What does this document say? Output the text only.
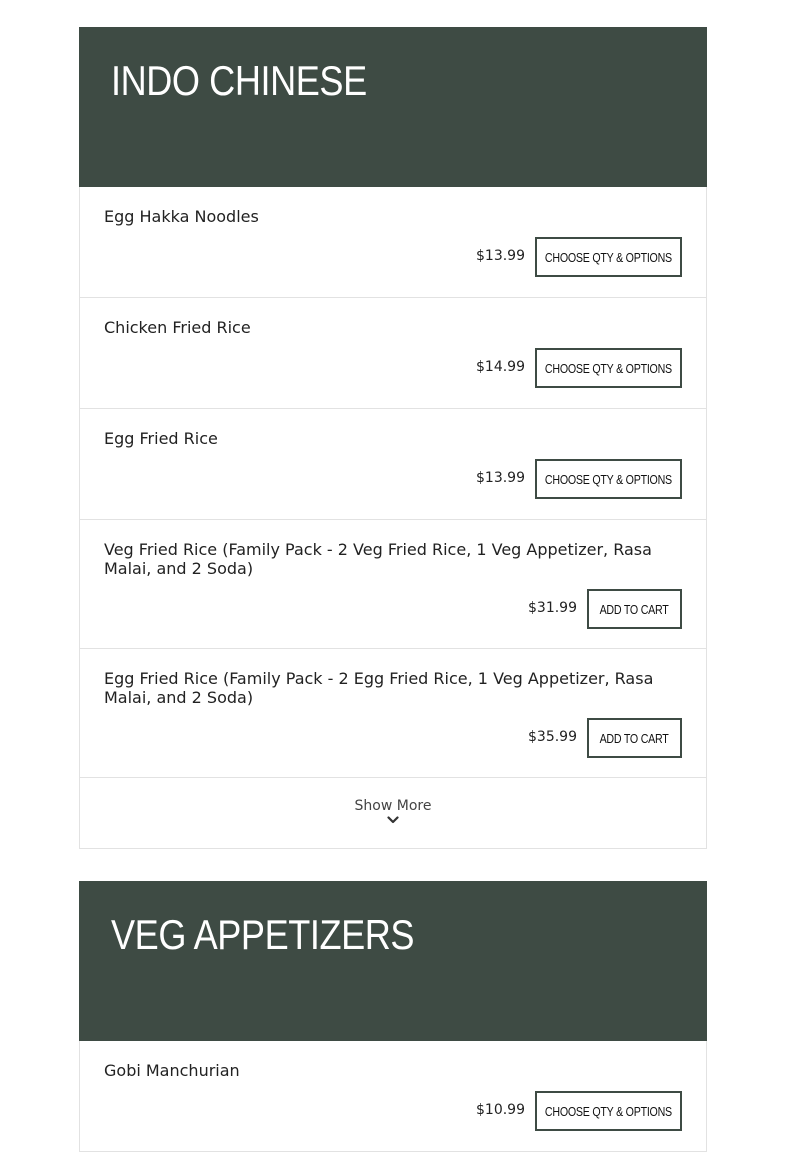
INDO CHINESE
Egg Hakka Noodles
$13.99 CHOOSE QTY & OPTIONS
Chicken Fried Rice
$14.99 CHOOSE QTY & OPTIONS
Egg Fried Rice
$13.99 CHOOSE QTY & OPTIONS
Veg Fried Rice (Family Pack - 2 Veg Fried Rice, 1 Veg Appetizer, Rasa Malai, and 2 Soda)
$31.99 ADD TO CART
Egg Fried Rice (Family Pack - 2 Egg Fried Rice, 1 Veg Appetizer, Rasa Malai, and 2 Soda)
$35.99 ADD TO CART
Show More
VEG APPETIZERS
Gobi Manchurian
$10.99 CHOOSE QTY & OPTIONS
